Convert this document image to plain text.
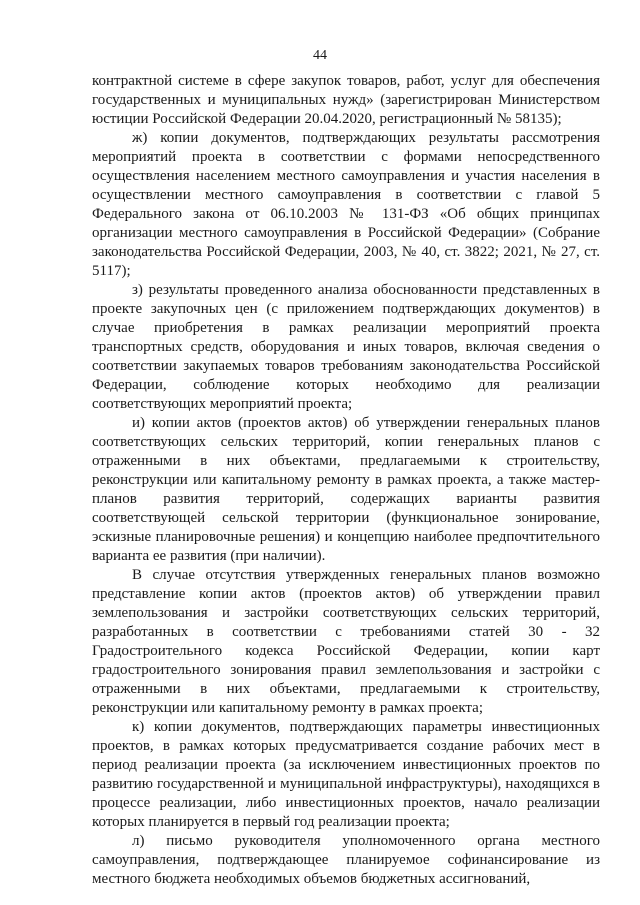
44

контрактной системе в сфере закупок товаров, работ, услуг для обеспечения государственных и муниципальных нужд» (зарегистрирован Министерством юстиции Российской Федерации 20.04.2020, регистрационный № 58135);

ж) копии документов, подтверждающих результаты рассмотрения мероприятий проекта в соответствии с формами непосредственного осуществления населением местного самоуправления и участия населения в осуществлении местного самоуправления в соответствии с главой 5 Федерального закона от 06.10.2003 № 131-ФЗ «Об общих принципах организации местного самоуправления в Российской Федерации» (Собрание законодательства Российской Федерации, 2003, № 40, ст. 3822; 2021, № 27, ст. 5117);

з) результаты проведенного анализа обоснованности представленных в проекте закупочных цен (с приложением подтверждающих документов) в случае приобретения в рамках реализации мероприятий проекта транспортных средств, оборудования и иных товаров, включая сведения о соответствии закупаемых товаров требованиям законодательства Российской Федерации, соблюдение которых необходимо для реализации соответствующих мероприятий проекта;

и) копии актов (проектов актов) об утверждении генеральных планов соответствующих сельских территорий, копии генеральных планов с отраженными в них объектами, предлагаемыми к строительству, реконструкции или капитальному ремонту в рамках проекта, а также мастер-планов развития территорий, содержащих варианты развития соответствующей сельской территории (функциональное зонирование, эскизные планировочные решения) и концепцию наиболее предпочтительного варианта ее развития (при наличии).

В случае отсутствия утвержденных генеральных планов возможно представление копии актов (проектов актов) об утверждении правил землепользования и застройки соответствующих сельских территорий, разработанных в соответствии с требованиями статей 30 - 32 Градостроительного кодекса Российской Федерации, копии карт градостроительного зонирования правил землепользования и застройки с отраженными в них объектами, предлагаемыми к строительству, реконструкции или капитальному ремонту в рамках проекта;

к) копии документов, подтверждающих параметры инвестиционных проектов, в рамках которых предусматривается создание рабочих мест в период реализации проекта (за исключением инвестиционных проектов по развитию государственной и муниципальной инфраструктуры), находящихся в процессе реализации, либо инвестиционных проектов, начало реализации которых планируется в первый год реализации проекта;

л) письмо руководителя уполномоченного органа местного самоуправления, подтверждающее планируемое софинансирование из местного бюджета необходимых объемов бюджетных ассигнований,
